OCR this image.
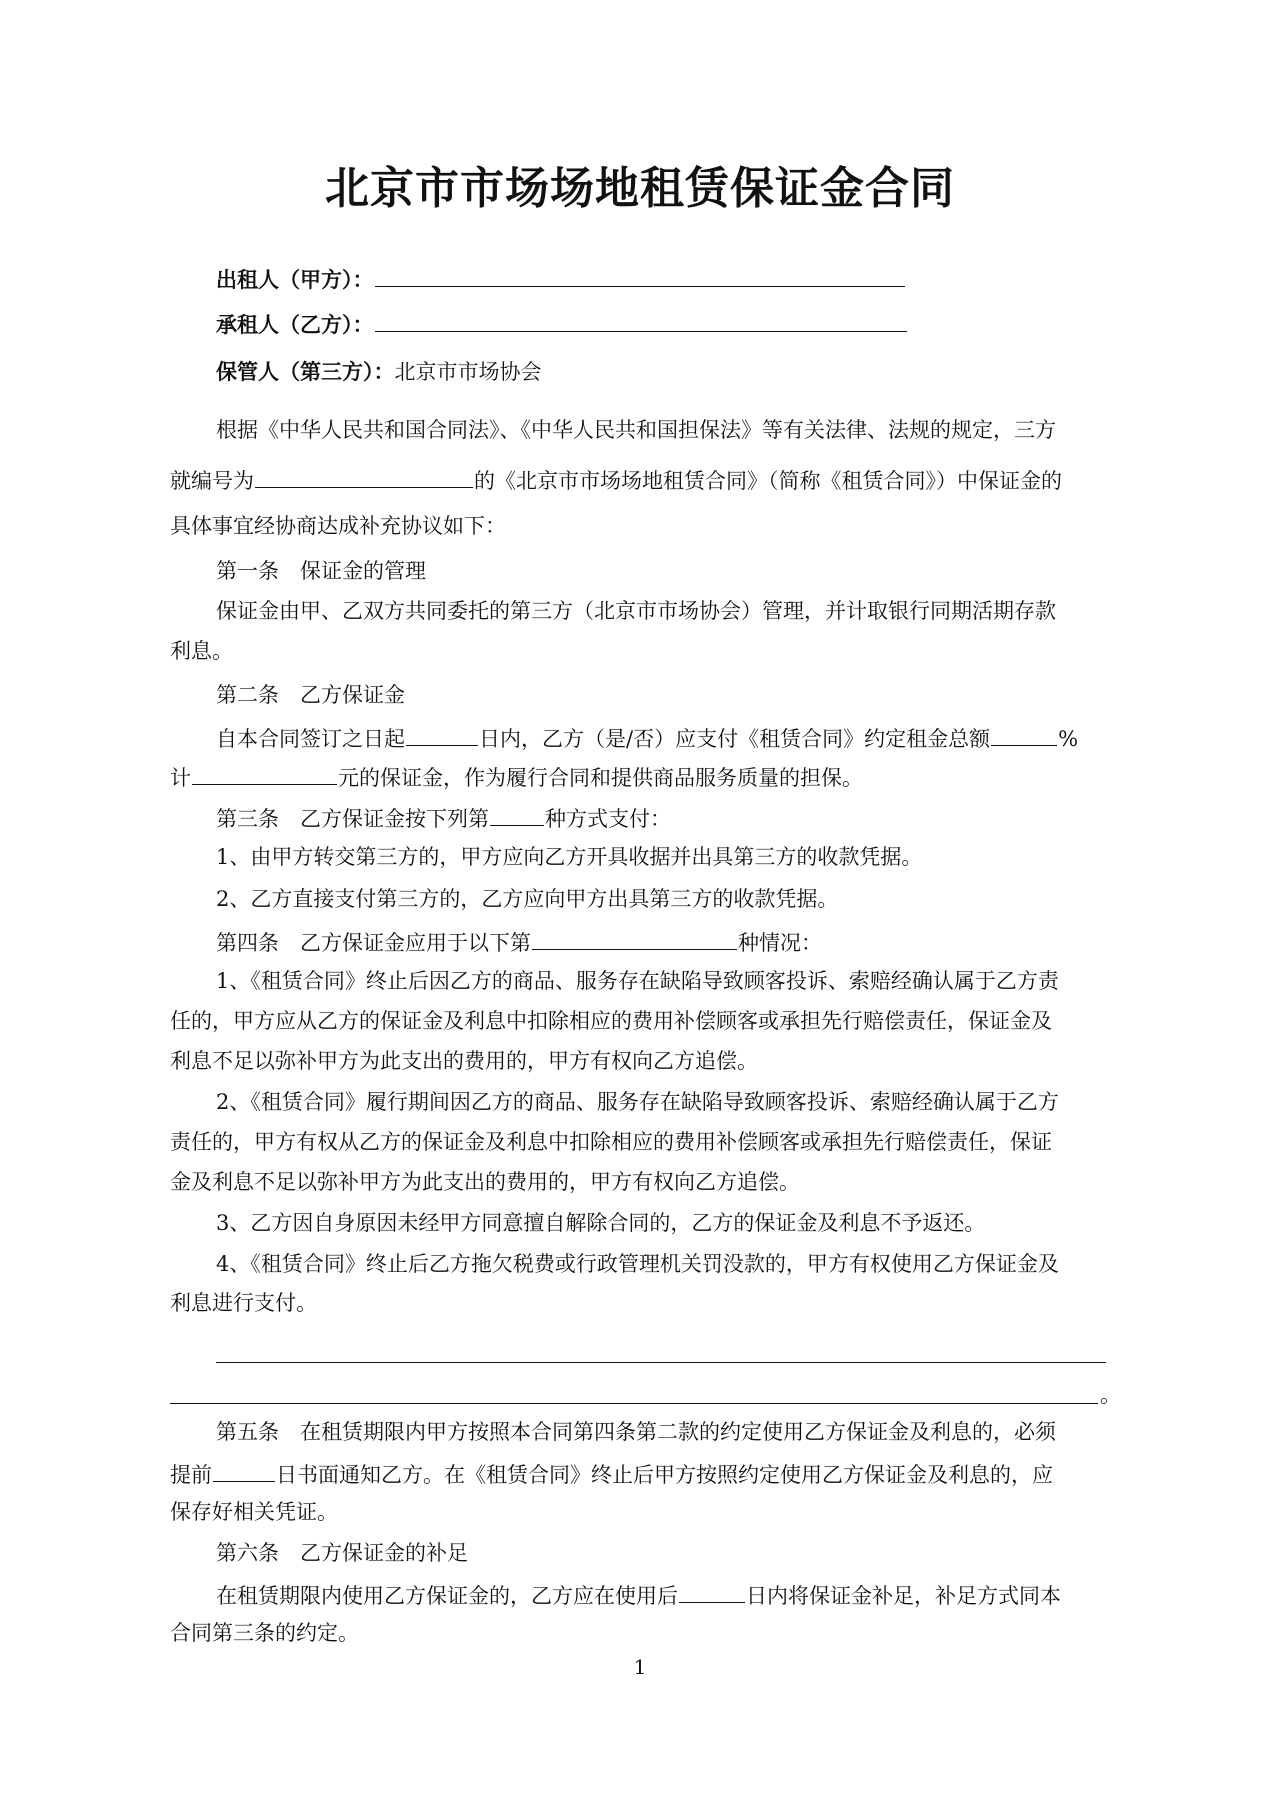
北京市市场场地租赁保证金合同
出租人（甲方）：
承租人（乙方）：
保管人（第三方）：北京市市场协会
根据《中华人民共和国合同法》、《中华人民共和国担保法》等有关法律、法规的规定，三方
就编号为	的《北京市市场场地租赁合同》（简称《租赁合同》）中保证金的
具体事宜经协商达成补充协议如下：
第一条　保证金的管理
保证金由甲、乙双方共同委托的第三方（北京市市场协会）管理，并计取银行同期活期存款
利息。
第二条　乙方保证金
自本合同签订之日起	日内，乙方（是/否）应支付《租赁合同》约定租金总额	%
计	元的保证金，作为履行合同和提供商品服务质量的担保。
第三条　乙方保证金按下列第	种方式支付：
1、由甲方转交第三方的，甲方应向乙方开具收据并出具第三方的收款凭据。
2、乙方直接支付第三方的，乙方应向甲方出具第三方的收款凭据。
第四条　乙方保证金应用于以下第	种情况：
1、《租赁合同》终止后因乙方的商品、服务存在缺陷导致顾客投诉、索赔经确认属于乙方责
任的，甲方应从乙方的保证金及利息中扣除相应的费用补偿顾客或承担先行赔偿责任，保证金及
利息不足以弥补甲方为此支出的费用的，甲方有权向乙方追偿。
2、《租赁合同》履行期间因乙方的商品、服务存在缺陷导致顾客投诉、索赔经确认属于乙方
责任的，甲方有权从乙方的保证金及利息中扣除相应的费用补偿顾客或承担先行赔偿责任，保证
金及利息不足以弥补甲方为此支出的费用的，甲方有权向乙方追偿。
3、乙方因自身原因未经甲方同意擅自解除合同的，乙方的保证金及利息不予返还。
4、《租赁合同》终止后乙方拖欠税费或行政管理机关罚没款的，甲方有权使用乙方保证金及
利息进行支付。
。
第五条　在租赁期限内甲方按照本合同第四条第二款的约定使用乙方保证金及利息的，必须
提前	日书面通知乙方。在《租赁合同》终止后甲方按照约定使用乙方保证金及利息的，应
保存好相关凭证。
第六条　乙方保证金的补足
在租赁期限内使用乙方保证金的，乙方应在使用后	日内将保证金补足，补足方式同本
合同第三条的约定。
1
